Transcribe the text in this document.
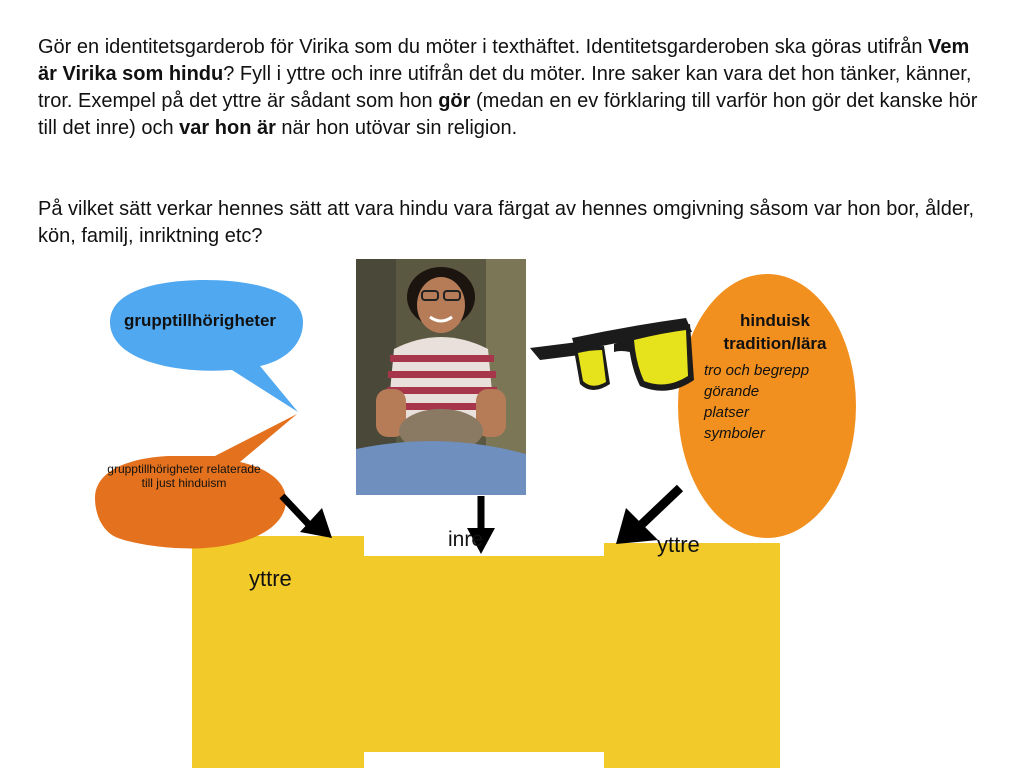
Gör en identitetsgarderob för Virika som du möter i texthäftet. Identitetsgarderoben ska göras utifrån Vem är Virika som hindu? Fyll i yttre och inre utifrån det du möter. Inre saker kan vara det hon tänker, känner, tror. Exempel på det yttre är sådant som hon gör (medan en ev förklaring till varför hon gör det kanske hör till det inre) och var hon är när hon utövar sin religion.

På vilket sätt verkar hennes sätt att vara hindu vara färgat av hennes omgivning såsom var hon bor, ålder, kön, familj, inriktning etc?

grupptillhörigheter
grupptillhörigheter relaterade till just hinduism
hinduisk tradition/lära
tro och begrepp
görande
platser
symboler
yttre
inre	yttre
